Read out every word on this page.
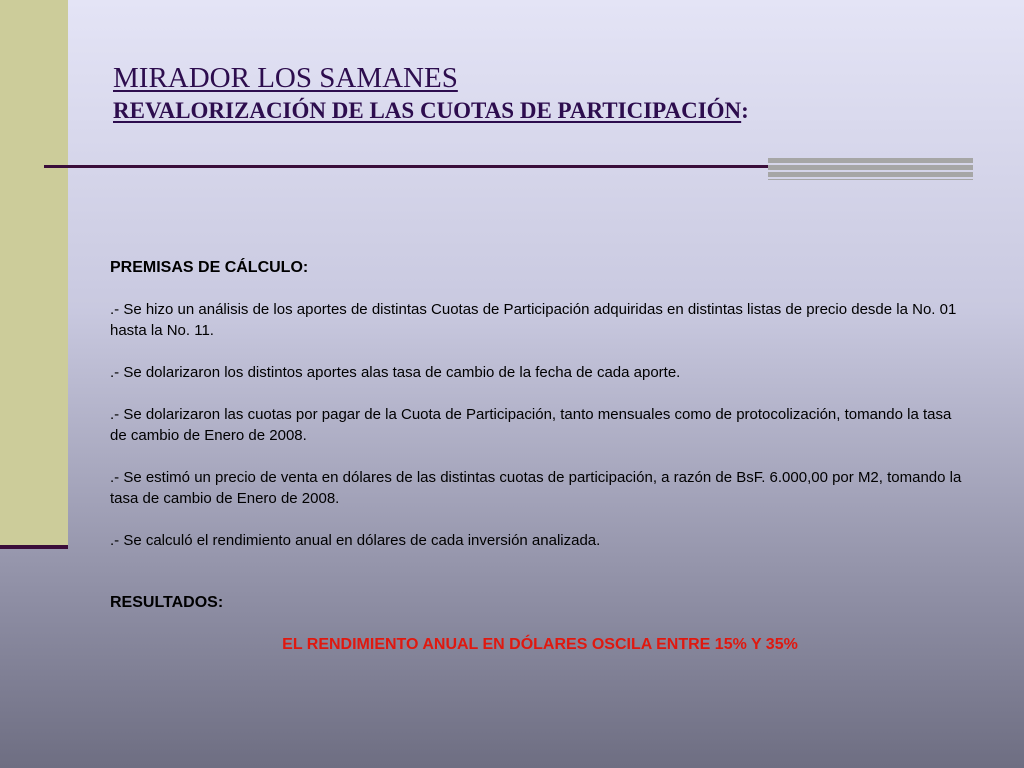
MIRADOR LOS SAMANES
REVALORIZACIÓN DE LAS CUOTAS DE PARTICIPACIÓN:
PREMISAS DE CÁLCULO:

.- Se hizo un análisis de los aportes de distintas Cuotas de Participación adquiridas en distintas listas de precio desde la No. 01 hasta la No. 11.

.- Se dolarizaron los distintos aportes alas tasa de cambio de la fecha de cada aporte.

.- Se dolarizaron las cuotas por pagar de la Cuota de Participación, tanto mensuales como de protocolización, tomando la tasa de cambio de Enero de 2008.

.- Se estimó un precio de venta en dólares de las distintas cuotas de participación, a razón de BsF. 6.000,00 por M2, tomando la tasa de cambio de Enero de 2008.

.- Se calculó el rendimiento anual en dólares de cada inversión analizada.

RESULTADOS:
EL RENDIMIENTO ANUAL EN DÓLARES OSCILA ENTRE 15% Y 35%
